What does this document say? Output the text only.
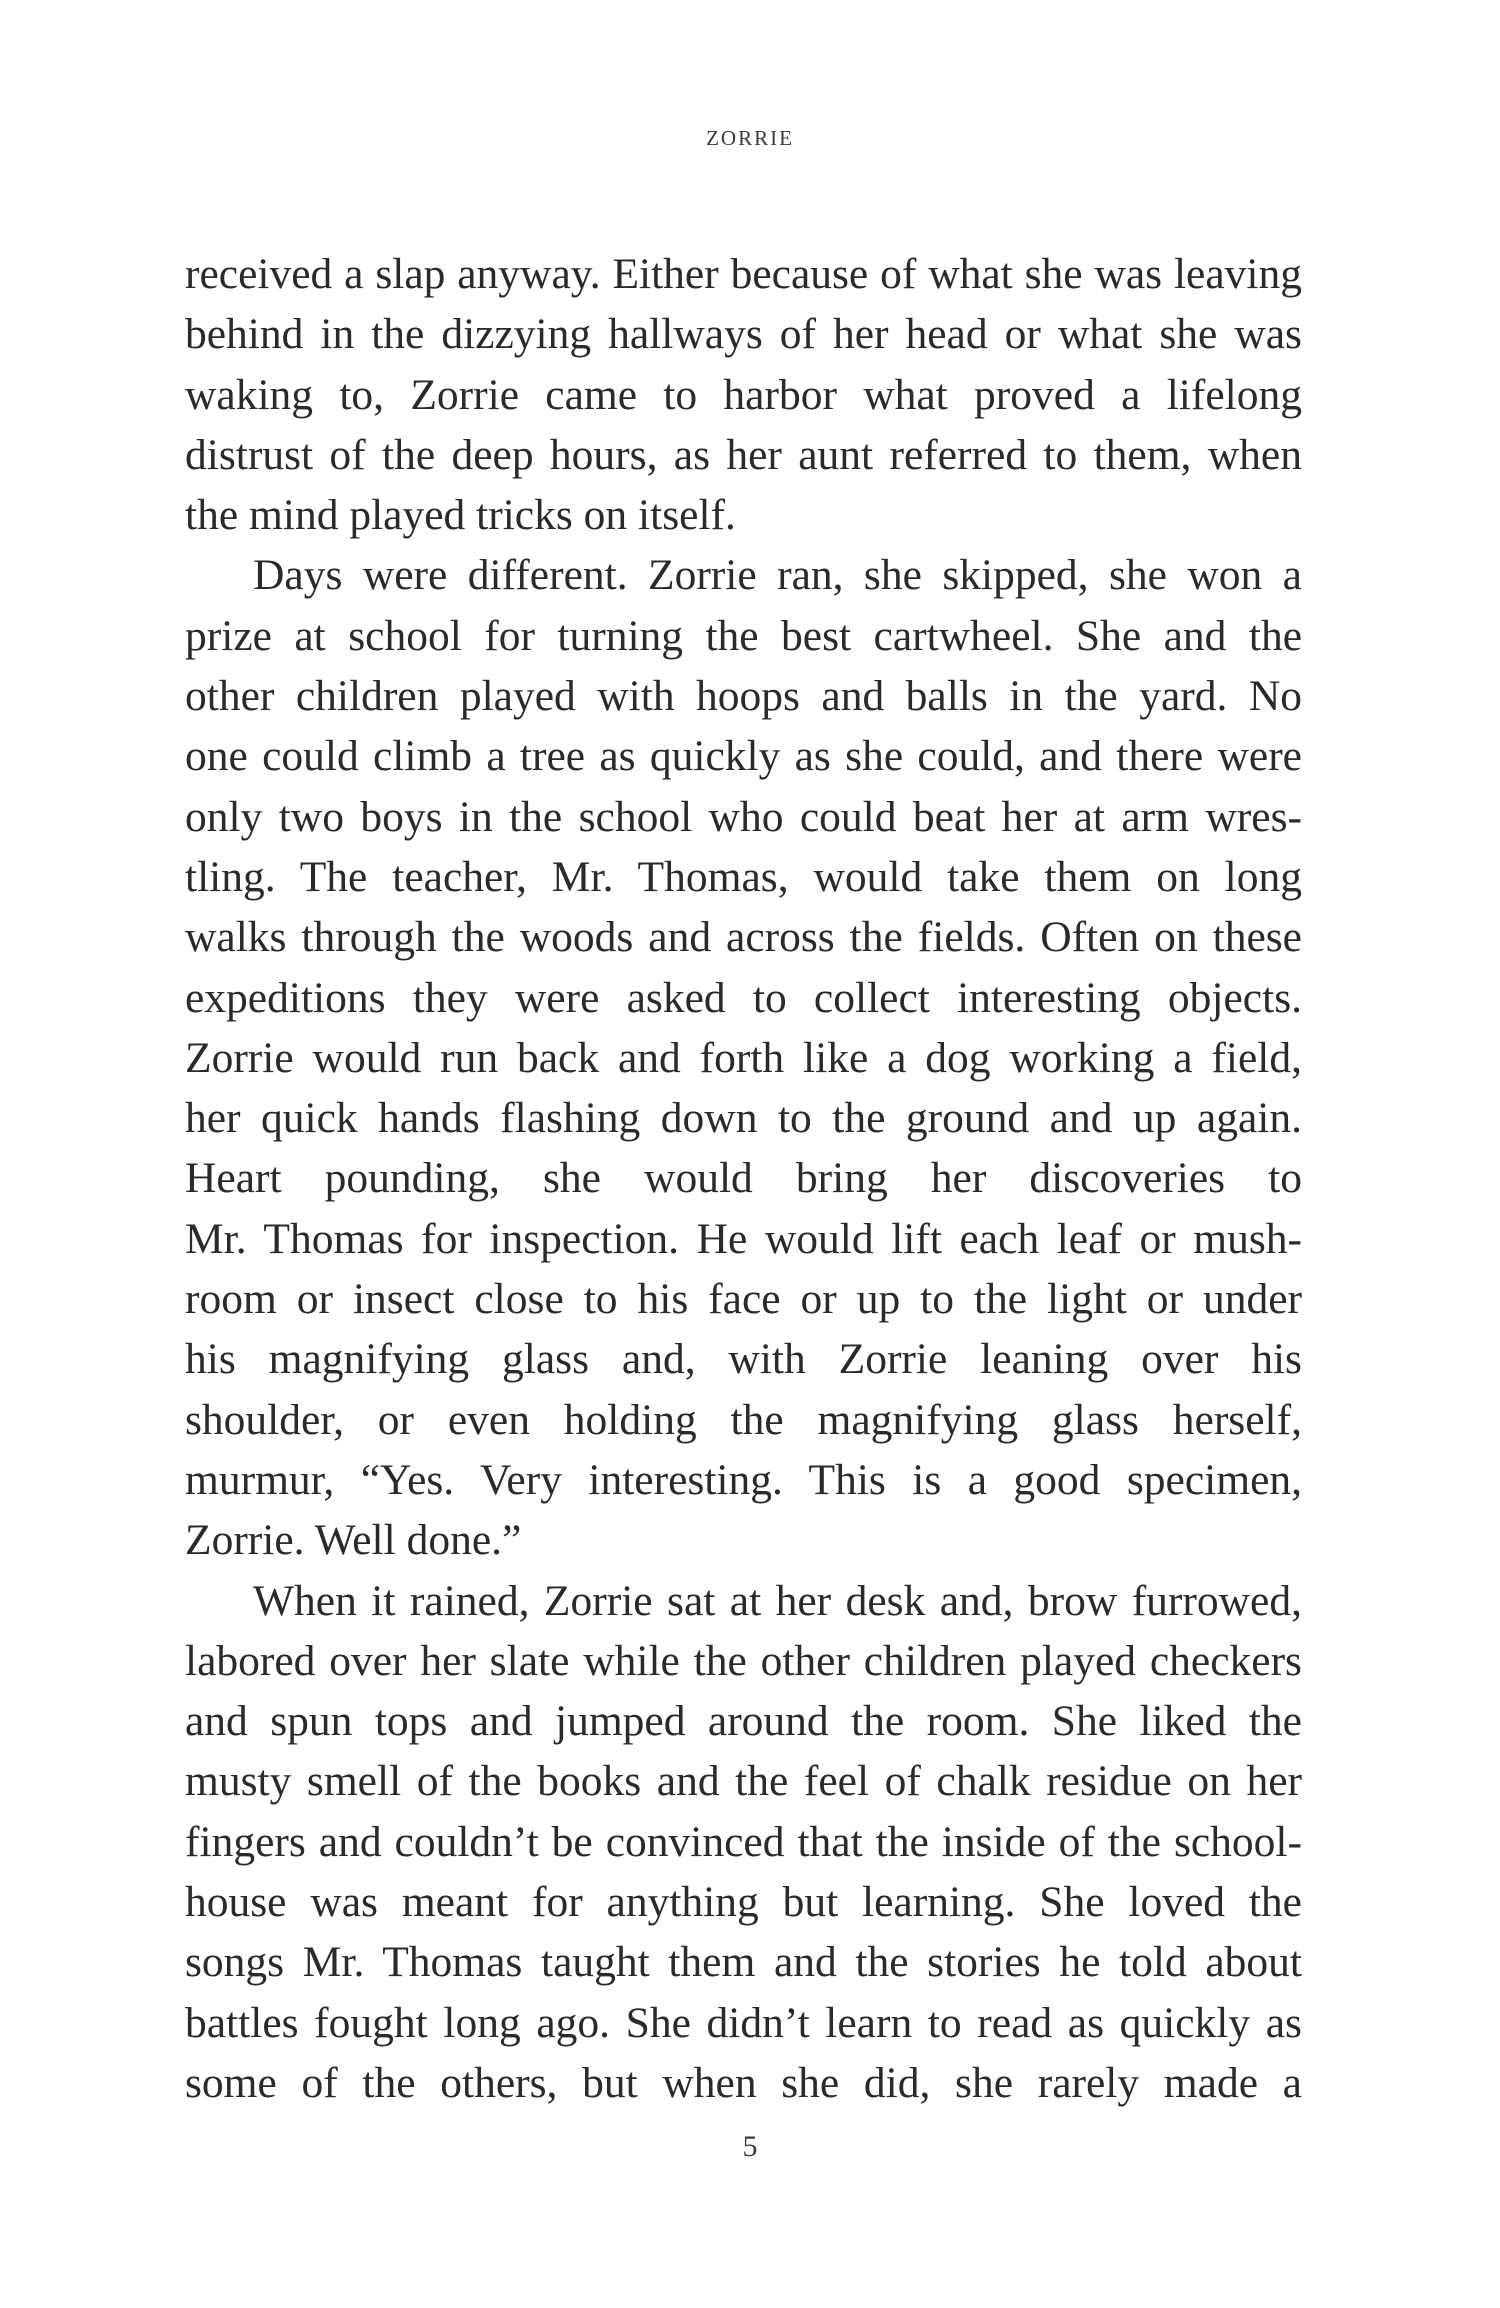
ZORRIE
received a slap anyway. Either because of what she was leaving
behind in the dizzying hallways of her head or what she was
waking to, Zorrie came to harbor what proved a lifelong
distrust of the deep hours, as her aunt referred to them, when
the mind played tricks on itself.
Days were different. Zorrie ran, she skipped, she won a
prize at school for turning the best cartwheel. She and the
other children played with hoops and balls in the yard. No
one could climb a tree as quickly as she could, and there were
only two boys in the school who could beat her at arm wres-
tling. The teacher, Mr. Thomas, would take them on long
walks through the woods and across the fields. Often on these
expeditions they were asked to collect interesting objects.
Zorrie would run back and forth like a dog working a field,
her quick hands flashing down to the ground and up again.
Heart pounding, she would bring her discoveries to
Mr. Thomas for inspection. He would lift each leaf or mush-
room or insect close to his face or up to the light or under
his magnifying glass and, with Zorrie leaning over his
shoulder, or even holding the magnifying glass herself,
murmur, “Yes. Very interesting. This is a good specimen,
Zorrie. Well done.”
When it rained, Zorrie sat at her desk and, brow furrowed,
labored over her slate while the other children played checkers
and spun tops and jumped around the room. She liked the
musty smell of the books and the feel of chalk residue on her
fingers and couldn’t be convinced that the inside of the school-
house was meant for anything but learning. She loved the
songs Mr. Thomas taught them and the stories he told about
battles fought long ago. She didn’t learn to read as quickly as
some of the others, but when she did, she rarely made a
5
